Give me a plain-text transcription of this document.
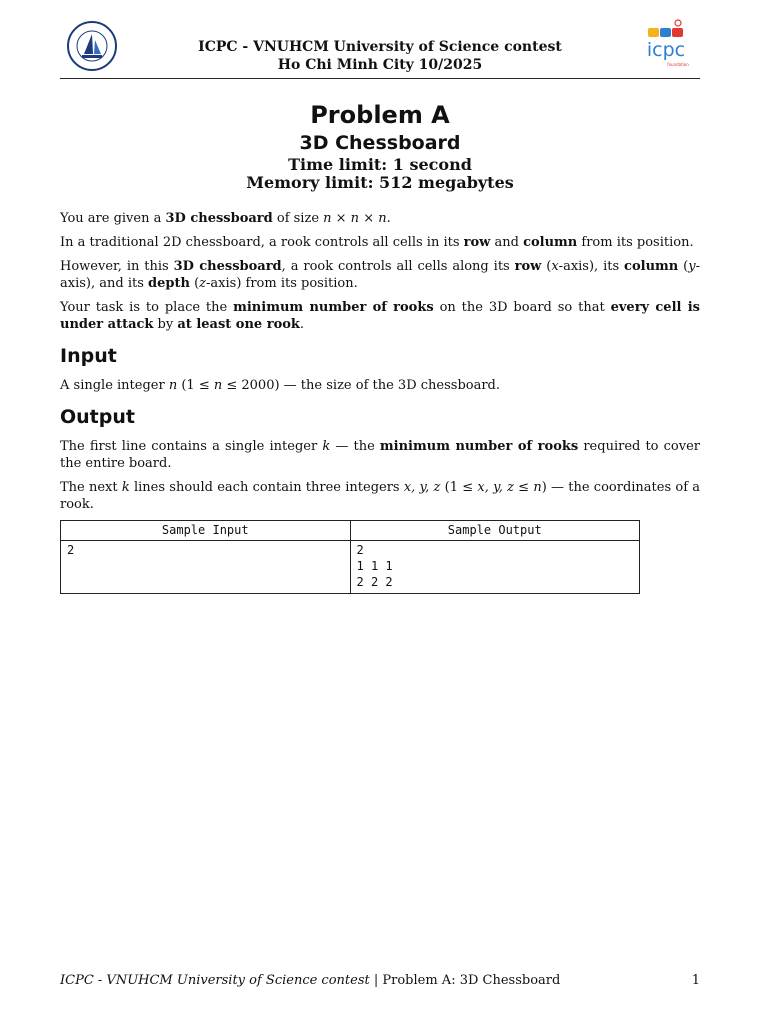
ICPC - VNUHCM University of Science contest
Ho Chi Minh City 10/2025
icpc
foundation
Problem A
3D Chessboard
Time limit: 1 second
Memory limit: 512 megabytes

You are given a 3D chessboard of size n × n × n.

In a traditional 2D chessboard, a rook controls all cells in its row and column from its position.

However, in this 3D chessboard, a rook controls all cells along its row (x-axis), its column (y-axis), and its depth (z-axis) from its position.

Your task is to place the minimum number of rooks on the 3D board so that every cell is under attack by at least one rook.

Input

A single integer n (1 ≤ n ≤ 2000) — the size of the 3D chessboard.

Output

The first line contains a single integer k — the minimum number of rooks required to cover the entire board.

The next k lines should each contain three integers x, y, z (1 ≤ x, y, z ≤ n) — the coordinates of a rook.

Sample Input	Sample Output
2	2
1 1 1
2 2 2
ICPC - VNUHCM University of Science contest | Problem A: 3D Chessboard	1
